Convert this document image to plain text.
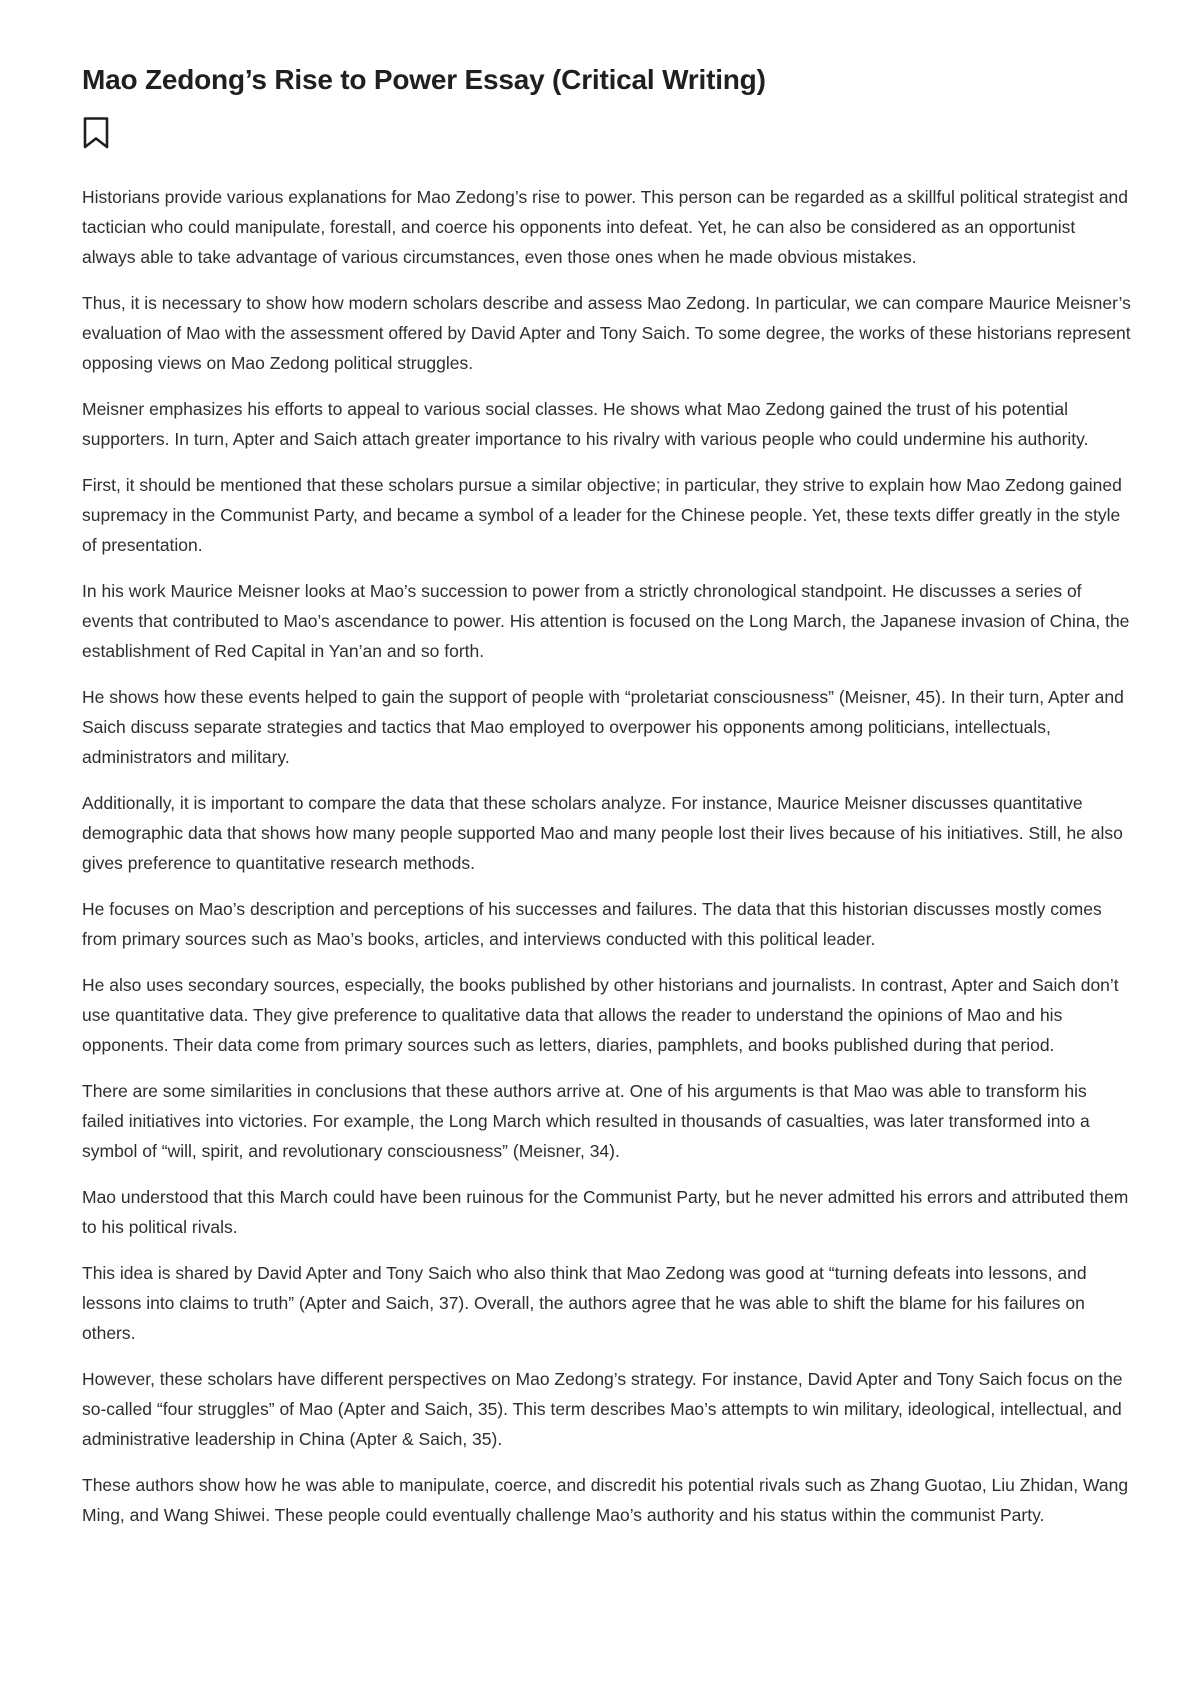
Mao Zedong’s Rise to Power Essay (Critical Writing)

Historians provide various explanations for Mao Zedong’s rise to power. This person can be regarded as a skillful political strategist and tactician who could manipulate, forestall, and coerce his opponents into defeat. Yet, he can also be considered as an opportunist always able to take advantage of various circumstances, even those ones when he made obvious mistakes.

Thus, it is necessary to show how modern scholars describe and assess Mao Zedong. In particular, we can compare Maurice Meisner’s evaluation of Mao with the assessment offered by David Apter and Tony Saich. To some degree, the works of these historians represent opposing views on Mao Zedong political struggles.

Meisner emphasizes his efforts to appeal to various social classes. He shows what Mao Zedong gained the trust of his potential supporters. In turn, Apter and Saich attach greater importance to his rivalry with various people who could undermine his authority.

First, it should be mentioned that these scholars pursue a similar objective; in particular, they strive to explain how Mao Zedong gained supremacy in the Communist Party, and became a symbol of a leader for the Chinese people. Yet, these texts differ greatly in the style of presentation.

In his work Maurice Meisner looks at Mao’s succession to power from a strictly chronological standpoint. He discusses a series of events that contributed to Mao’s ascendance to power. His attention is focused on the Long March, the Japanese invasion of China, the establishment of Red Capital in Yan’an and so forth.

He shows how these events helped to gain the support of people with “proletariat consciousness” (Meisner, 45). In their turn, Apter and Saich discuss separate strategies and tactics that Mao employed to overpower his opponents among politicians, intellectuals, administrators and military.

Additionally, it is important to compare the data that these scholars analyze. For instance, Maurice Meisner discusses quantitative demographic data that shows how many people supported Mao and many people lost their lives because of his initiatives. Still, he also gives preference to quantitative research methods.

He focuses on Mao’s description and perceptions of his successes and failures. The data that this historian discusses mostly comes from primary sources such as Mao’s books, articles, and interviews conducted with this political leader.

He also uses secondary sources, especially, the books published by other historians and journalists. In contrast, Apter and Saich don’t use quantitative data. They give preference to qualitative data that allows the reader to understand the opinions of Mao and his opponents. Their data come from primary sources such as letters, diaries, pamphlets, and books published during that period.

There are some similarities in conclusions that these authors arrive at. One of his arguments is that Mao was able to transform his failed initiatives into victories. For example, the Long March which resulted in thousands of casualties, was later transformed into a symbol of “will, spirit, and revolutionary consciousness” (Meisner, 34).

Mao understood that this March could have been ruinous for the Communist Party, but he never admitted his errors and attributed them to his political rivals.

This idea is shared by David Apter and Tony Saich who also think that Mao Zedong was good at “turning defeats into lessons, and lessons into claims to truth” (Apter and Saich, 37). Overall, the authors agree that he was able to shift the blame for his failures on others.

However, these scholars have different perspectives on Mao Zedong’s strategy. For instance, David Apter and Tony Saich focus on the so-called “four struggles” of Mao (Apter and Saich, 35). This term describes Mao’s attempts to win military, ideological, intellectual, and administrative leadership in China (Apter & Saich, 35).

These authors show how he was able to manipulate, coerce, and discredit his potential rivals such as Zhang Guotao, Liu Zhidan, Wang Ming, and Wang Shiwei. These people could eventually challenge Mao’s authority and his status within the communist Party.
